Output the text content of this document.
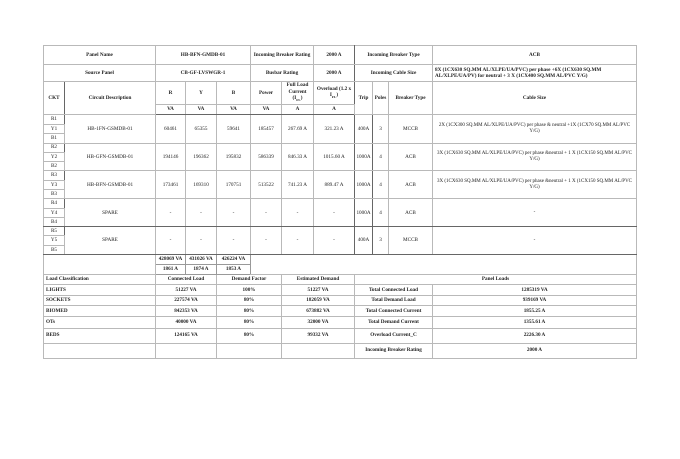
Panel Name		HB-BFN-GMDB-01			Incoming Breaker Rating		2000 A	Incoming Breaker Type			ACB
Source Panel		CB-GF-LVSWGR-1			Busbar Rating		2000 A	Incoming Cable Size			8X (1CX630 SQ.MM AL/XLPE/UA/PVC) per phase +6X (1CX630 SQ.MM AL/XLPE/UA/PV) for neutral + 3 X (1CX400 SQ.MM AL/PVC Y/G)
CKT	Circuit Description	R	Y	B	Power	Full Load Current $(I_{FL})$	Overload (1.2 x $I_{FL}$)	Trip	Poles	Breaker Type	Cable Size
		VA	VA	VA	VA	A	A				
R1	HB-1FN-GSMDB-01	60461	65355	59641	185457	267.69 A	321.23 A	400A	3	MCCB	2X (1CX300 SQ.MM AL/XLPE/UA/PVC) per phase & neutral +1X (1CX70 SQ.MM AL/PVC Y/G)
Y1											
B1											
R2	HB-GFN-GSMDB-01	194146	196362	195832	586339	846.33 A	1015.60 A	1000A	4	ACB	3X (1CX630 SQ.MM AL/XLPE/UA/PVC) per phase &neutral + 1 X (1CX150 SQ.MM AL/PVC Y/G)
Y2											
B2											
R3	HB-BFN-GSMDB-01	173461	169310	170751	513522	741.23 A	889.47 A	1000A	4	ACB	3X (1CX630 SQ.MM AL/XLPE/UA/PVC) per phase &neutral + 1 X (1CX150 SQ.MM AL/PVC Y/G)
Y3											
B3											
R4	SPARE	-	-	-	-	-	-	1000A	4	ACB	-
Y4											
B4											
R5	SPARE	-	-	-	-	-	-	400A	3	MCCB	-
Y5											
B5											
		428069 VA	431026 VA	426224 VA							
		1861 A	1874 A	1853 A							
Load Classification		Connected Load		Demand Factor		Estimated Demand		Panel Loads			
LIGHTS		51227 VA		100%		51227 VA		Total Connected Load			1285319 VA
SOCKETS		227574 VA		80%		182059 VA		Total Demand Load			939169 VA
BIOMED		842353 VA		80%		673882 VA		Total Connected Current			1855.25 A
OTs		40000 VA		80%		32000 VA		Total Demand Current			1355.61 A
BEDS		124165 VA		80%		99332 VA		Overload Current_C			2226.30 A
								Incoming Breaker Rating			2000 A
